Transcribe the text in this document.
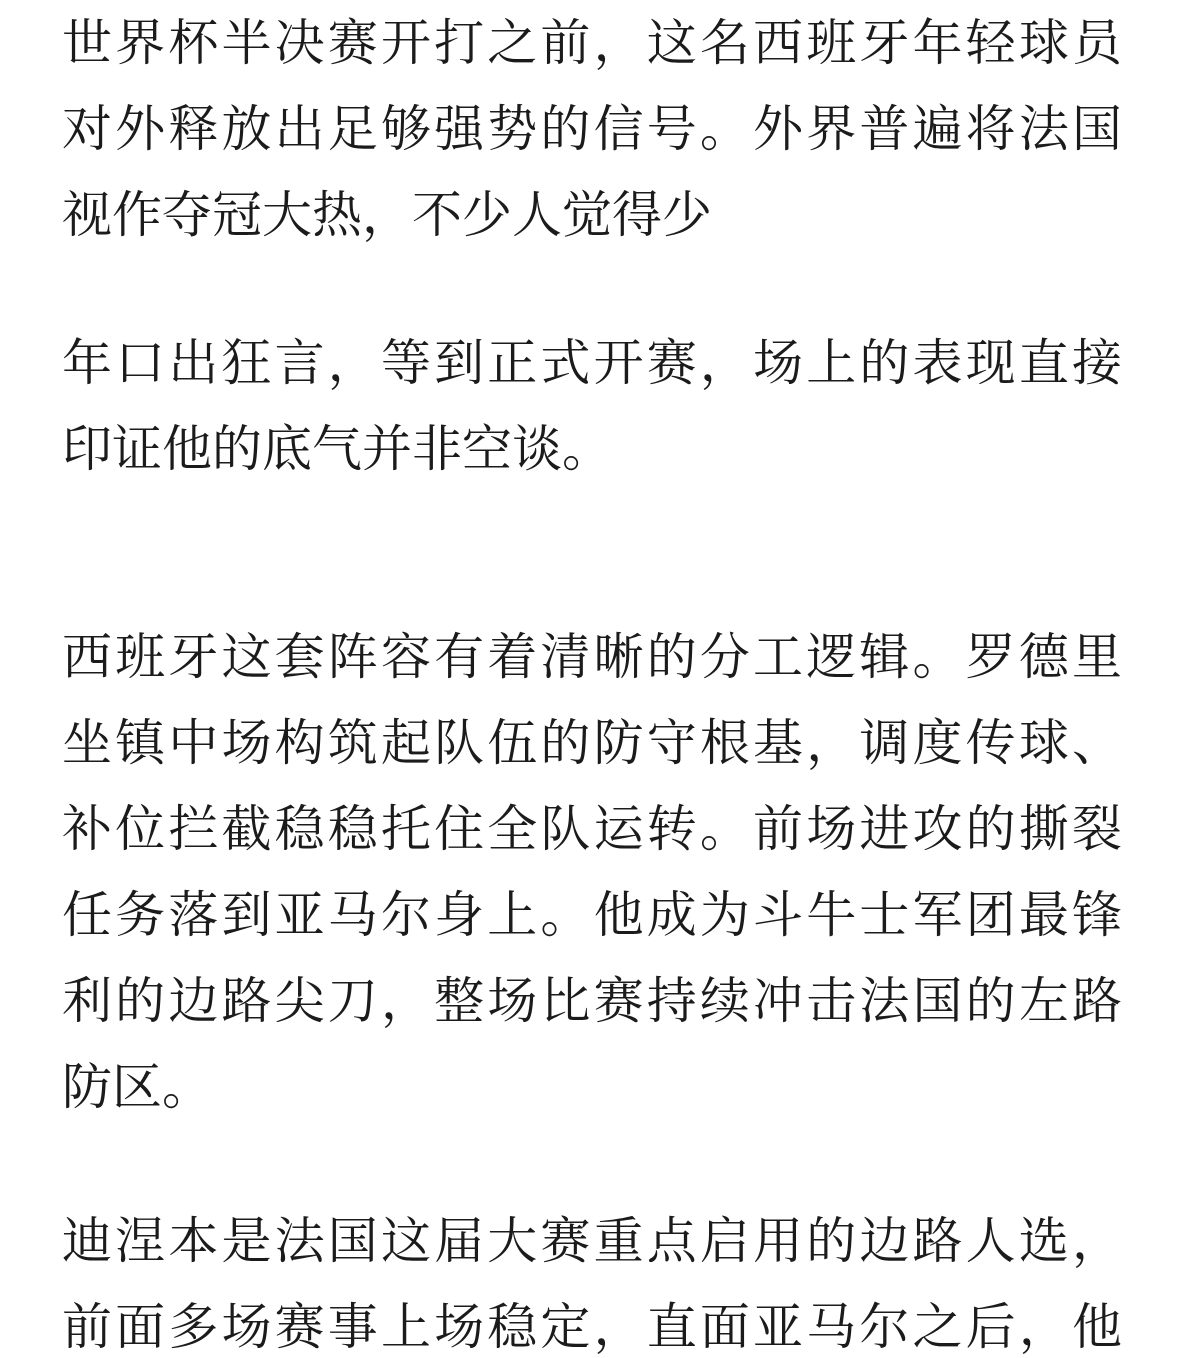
世界杯半决赛开打之前，这名西班牙年轻球员
对外释放出足够强势的信号。外界普遍将法国
视作夺冠大热，不少人觉得少
年口出狂言，等到正式开赛，场上的表现直接
印证他的底气并非空谈。
西班牙这套阵容有着清晰的分工逻辑。罗德里
坐镇中场构筑起队伍的防守根基，调度传球、
补位拦截稳稳托住全队运转。前场进攻的撕裂
任务落到亚马尔身上。他成为斗牛士军团最锋
利的边路尖刀，整场比赛持续冲击法国的左路
防区。
迪涅本是法国这届大赛重点启用的边路人选，
前面多场赛事上场稳定，直面亚马尔之后，他
